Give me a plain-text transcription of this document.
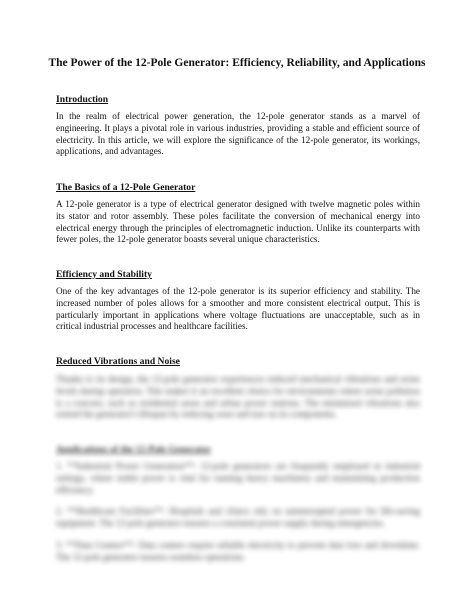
The Power of the 12-Pole Generator: Efficiency, Reliability, and Applications
Introduction
In the realm of electrical power generation, the 12-pole generator stands as a marvel of engineering. It plays a pivotal role in various industries, providing a stable and efficient source of electricity. In this article, we will explore the significance of the 12-pole generator, its workings, applications, and advantages.
The Basics of a 12-Pole Generator
A 12-pole generator is a type of electrical generator designed with twelve magnetic poles within its stator and rotor assembly. These poles facilitate the conversion of mechanical energy into electrical energy through the principles of electromagnetic induction. Unlike its counterparts with fewer poles, the 12-pole generator boasts several unique characteristics.
Efficiency and Stability
One of the key advantages of the 12-pole generator is its superior efficiency and stability. The increased number of poles allows for a smoother and more consistent electrical output. This is particularly important in applications where voltage fluctuations are unacceptable, such as in critical industrial processes and healthcare facilities.
Reduced Vibrations and Noise
Thanks to its design, the 12-pole generator experiences reduced mechanical vibrations and noise levels during operation. This makes it an excellent choice for environments where noise pollution is a concern, such as residential areas and urban power stations. The minimized vibrations also extend the generator's lifespan by reducing wear and tear on its components.
Applications of the 12-Pole Generator
1. **Industrial Power Generation**: 12-pole generators are frequently employed in industrial settings, where stable power is vital for running heavy machinery and maintaining production efficiency.
2. **Healthcare Facilities**: Hospitals and clinics rely on uninterrupted power for life-saving equipment. The 12-pole generator ensures a consistent power supply during emergencies.
3. **Data Centers**: Data centers require reliable electricity to prevent data loss and downtime. The 12-pole generator ensures seamless operations.
